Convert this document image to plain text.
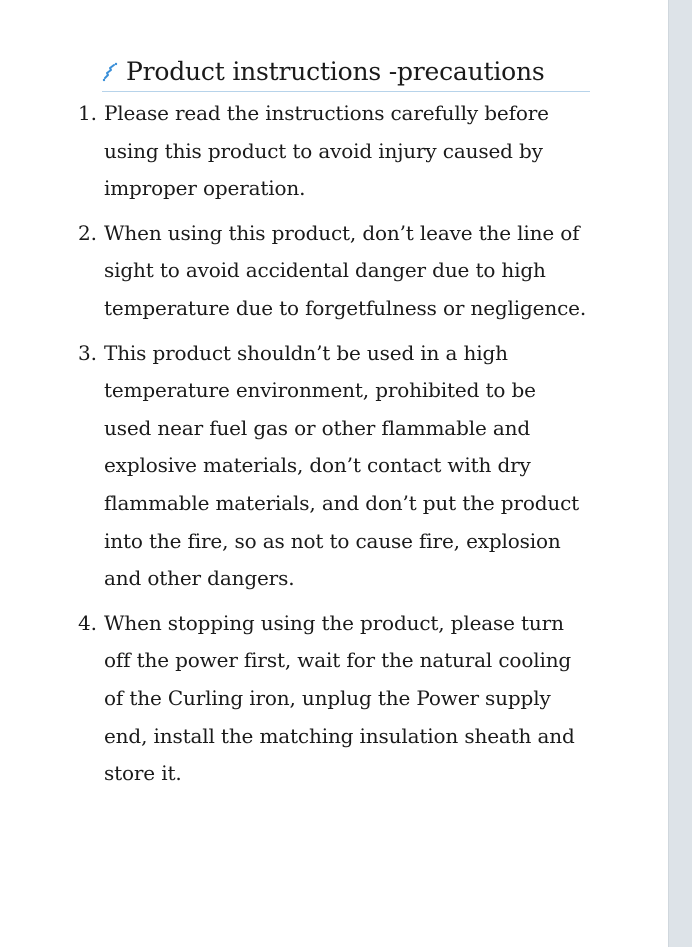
Product instructions -precautions
1. Please read the instructions carefully before using this product to avoid injury caused by improper operation.
2. When using this product, don’t leave the line of sight to avoid accidental danger due to high temperature due to forgetfulness or negligence.
3. This product shouldn’t be used in a high temperature environment, prohibited to be used near fuel gas or other flammable and explosive materials, don’t contact with dry flammable materials, and don’t put the product into the fire, so as not to cause fire, explosion and other dangers.
4. When stopping using the product, please turn off the power first, wait for the natural cooling of the Curling iron, unplug the Power supply end, install the matching insulation sheath and store it.
